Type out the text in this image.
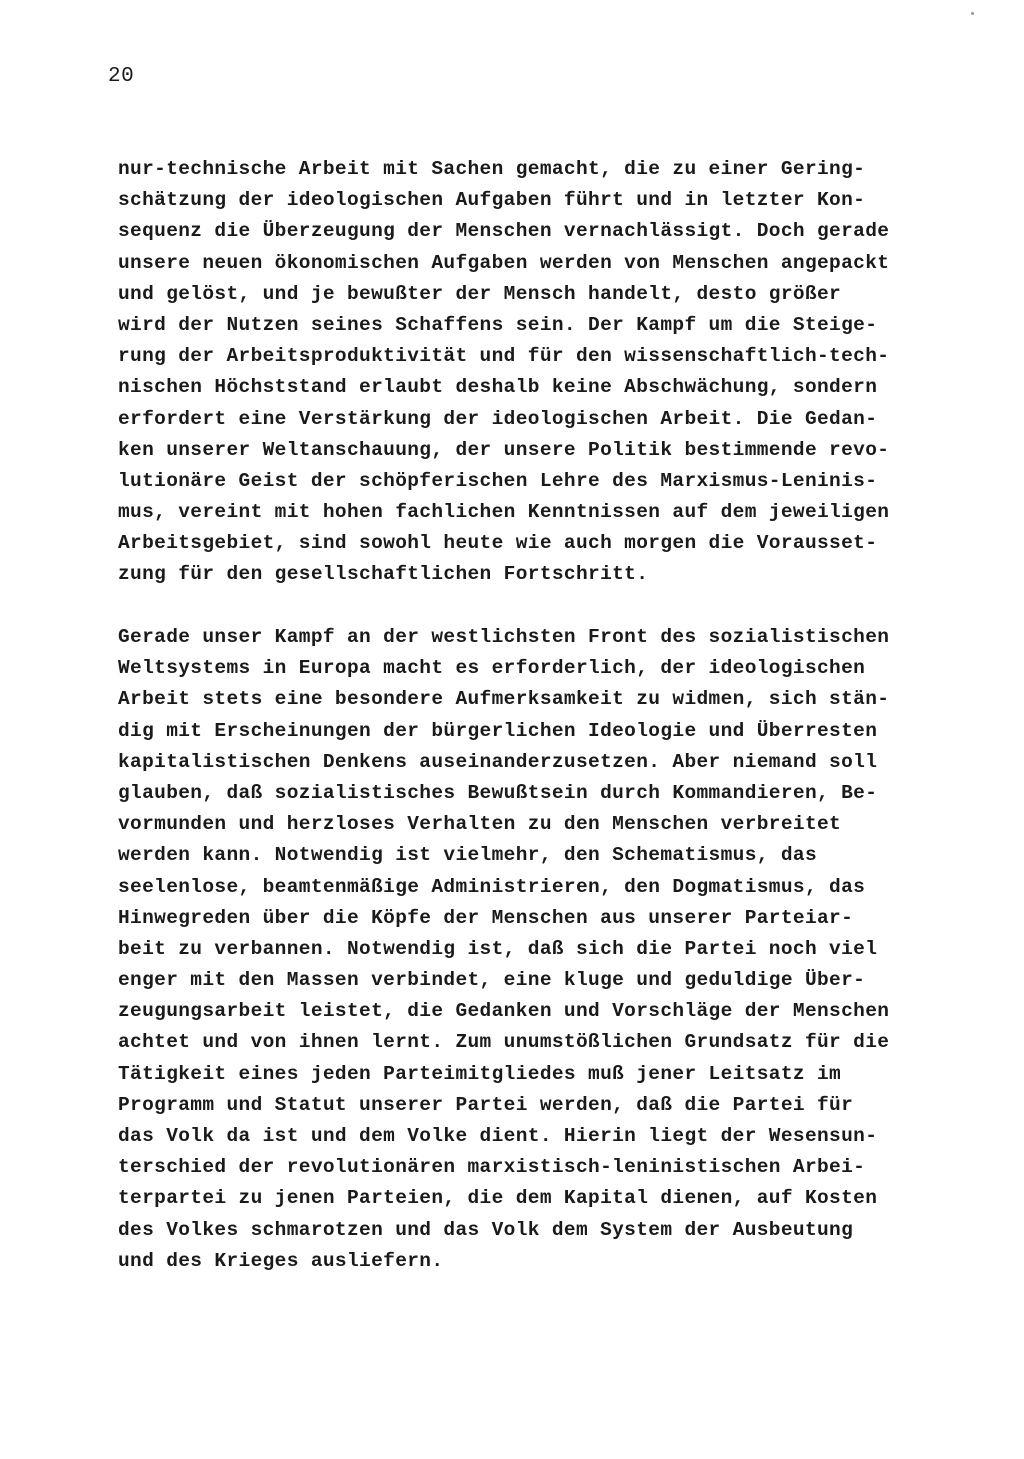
20
nur-technische Arbeit mit Sachen gemacht, die zu einer Gering-
schätzung der ideologischen Aufgaben führt und in letzter Kon-
sequenz die Überzeugung der Menschen vernachlässigt. Doch gerade
unsere neuen ökonomischen Aufgaben werden von Menschen angepackt
und gelöst, und je bewußter der Mensch handelt, desto größer
wird der Nutzen seines Schaffens sein. Der Kampf um die Steige-
rung der Arbeitsproduktivität und für den wissenschaftlich-tech-
nischen Höchststand erlaubt deshalb keine Abschwächung, sondern
erfordert eine Verstärkung der ideologischen Arbeit. Die Gedan-
ken unserer Weltanschauung, der unsere Politik bestimmende revo-
lutionäre Geist der schöpferischen Lehre des Marxismus-Leninis-
mus, vereint mit hohen fachlichen Kenntnissen auf dem jeweiligen
Arbeitsgebiet, sind sowohl heute wie auch morgen die Vorausset-
zung für den gesellschaftlichen Fortschritt.
Gerade unser Kampf an der westlichsten Front des sozialistischen
Weltsystems in Europa macht es erforderlich, der ideologischen
Arbeit stets eine besondere Aufmerksamkeit zu widmen, sich stän-
dig mit Erscheinungen der bürgerlichen Ideologie und Überresten
kapitalistischen Denkens auseinanderzusetzen. Aber niemand soll
glauben, daß sozialistisches Bewußtsein durch Kommandieren, Be-
vormunden und herzloses Verhalten zu den Menschen verbreitet
werden kann. Notwendig ist vielmehr, den Schematismus, das
seelenlose, beamtenmäßige Administrieren, den Dogmatismus, das
Hinwegreden über die Köpfe der Menschen aus unserer Parteiar-
beit zu verbannen. Notwendig ist, daß sich die Partei noch viel
enger mit den Massen verbindet, eine kluge und geduldige Über-
zeugungsarbeit leistet, die Gedanken und Vorschläge der Menschen
achtet und von ihnen lernt. Zum unumstößlichen Grundsatz für die
Tätigkeit eines jeden Parteimitgliedes muß jener Leitsatz im
Programm und Statut unserer Partei werden, daß die Partei für
das Volk da ist und dem Volke dient. Hierin liegt der Wesensun-
terschied der revolutionären marxistisch-leninistischen Arbei-
terpartei zu jenen Parteien, die dem Kapital dienen, auf Kosten
des Volkes schmarotzen und das Volk dem System der Ausbeutung
und des Krieges ausliefern.
